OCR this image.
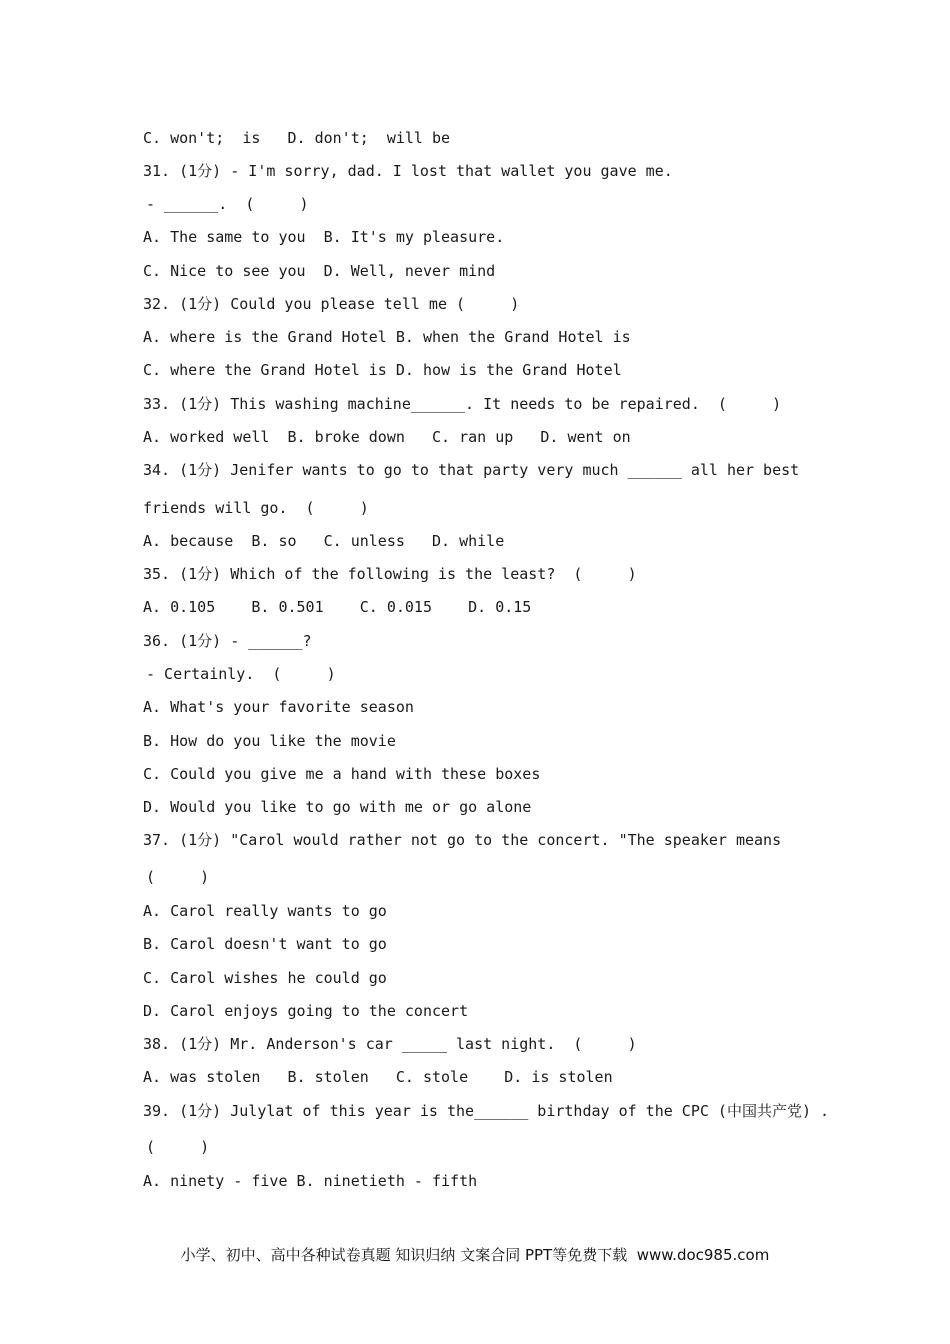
C. won't;  is   D. don't;  will be
31. (1分) - I'm sorry, dad. I lost that wallet you gave me.
- ______.  (     )
A. The same to you  B. It's my pleasure.
C. Nice to see you  D. Well, never mind
32. (1分) Could you please tell me (     )
A. where is the Grand Hotel B. when the Grand Hotel is
C. where the Grand Hotel is D. how is the Grand Hotel
33. (1分) This washing machine______. It needs to be repaired.  (     )
A. worked well  B. broke down   C. ran up   D. went on
34. (1分) Jenifer wants to go to that party very much ______ all her best
friends will go.  (     )
A. because  B. so   C. unless   D. while
35. (1分) Which of the following is the least?  (     )
A. 0.105    B. 0.501    C. 0.015    D. 0.15
36. (1分) - ______?
- Certainly.  (     )
A. What's your favorite season
B. How do you like the movie
C. Could you give me a hand with these boxes
D. Would you like to go with me or go alone
37. (1分) "Carol would rather not go to the concert. "The speaker means
(     )
A. Carol really wants to go
B. Carol doesn't want to go
C. Carol wishes he could go
D. Carol enjoys going to the concert
38. (1分) Mr. Anderson's car _____ last night.  (     )
A. was stolen   B. stolen   C. stole    D. is stolen
39. (1分) Julylat of this year is the______ birthday of the CPC (中国共产党) .
(     )
A. ninety - five B. ninetieth - fifth
小学、初中、高中各种试卷真题 知识归纳 文案合同 PPT等免费下载  www.doc985.com
